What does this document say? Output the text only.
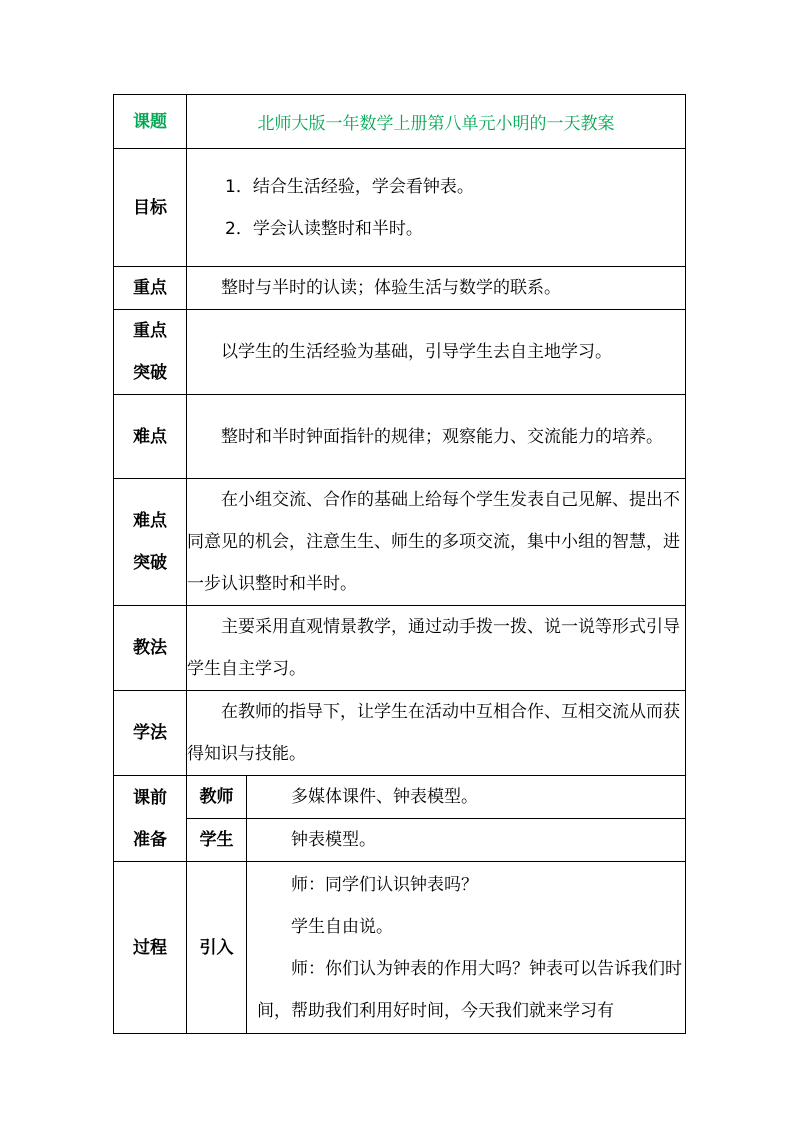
课题	北师大版一年数学上册第八单元小明的一天教案	
目标	1．结合生活经验，学会看钟表。

2．学会认读整时和半时。	

重点	整时与半时的认读；体验生活与数学的联系。	

重点
突破	以学生的生活经验为基础，引导学生去自主地学习。	

难点	整时和半时钟面指针的规律；观察能力、交流能力的培养。	

难点
突破	在小组交流、合作的基础上给每个学生发表自己见解、提出不同意见的机会，注意生生、师生的多项交流，集中小组的智慧，进一步认识整时和半时。	

教法	主要采用直观情景教学，通过动手拨一拨、说一说等形式引导学生自主学习。	

学法	在教师的指导下，让学生在活动中互相合作、互相交流从而获得知识与技能。	

课前
准备	教师	多媒体课件、钟表模型。

	学生	钟表模型。

过程	引入	师：同学们认识钟表吗？

学生自由说。

师：你们认为钟表的作用大吗？钟表可以告诉我们时间，帮助我们利用好时间，今天我们就来学习有
